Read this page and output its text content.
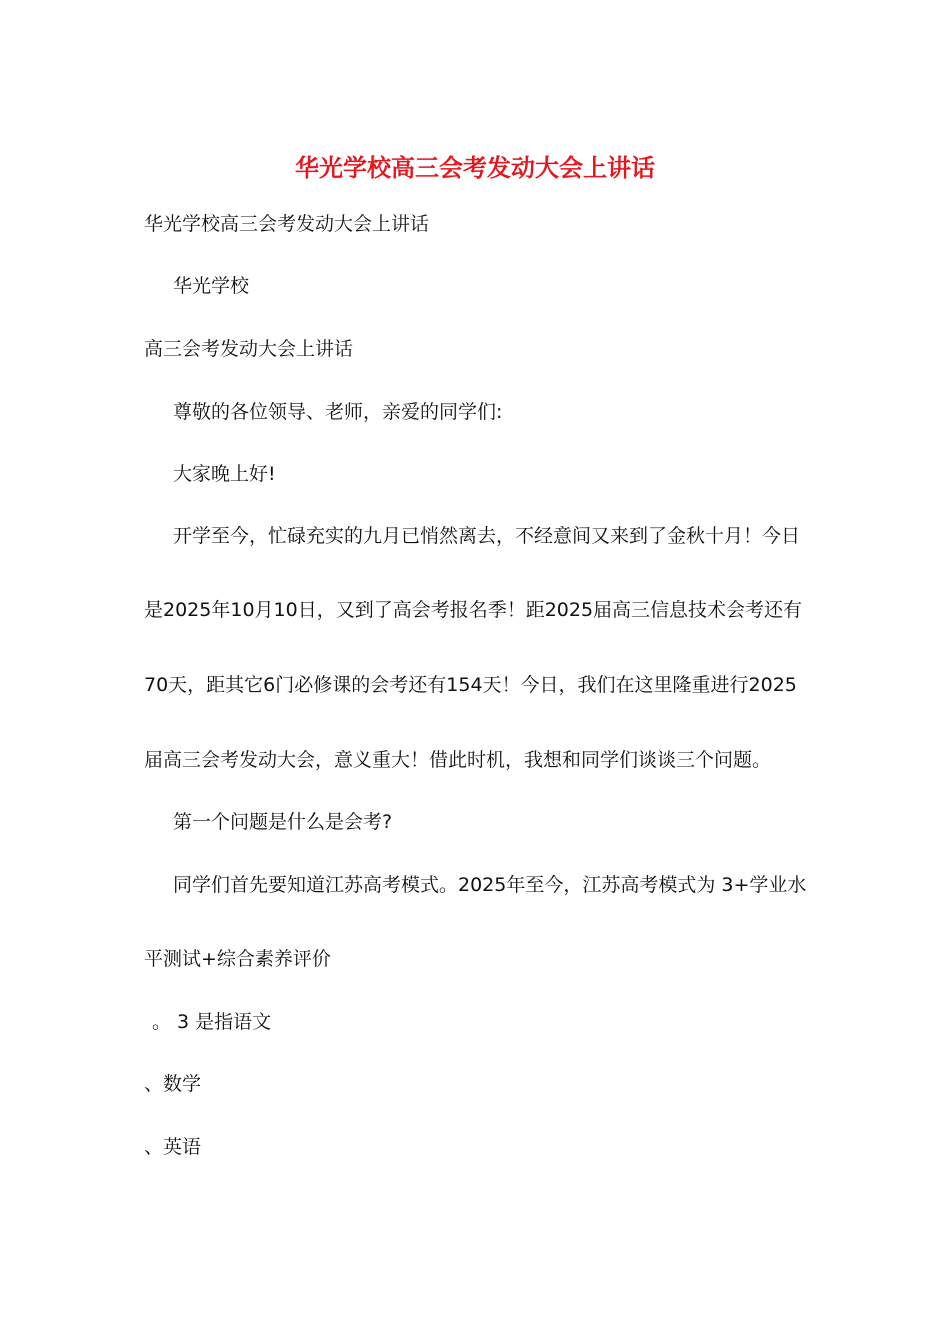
华光学校高三会考发动大会上讲话
华光学校高三会考发动大会上讲话
华光学校
高三会考发动大会上讲话
尊敬的各位领导、老师，亲爱的同学们:
大家晚上好!
开学至今，忙碌充实的九月已悄然离去，不经意间又来到了金秋十月！今日
是2025年10月10日，又到了高会考报名季！距2025届高三信息技术会考还有
70天，距其它6门必修课的会考还有154天！今日，我们在这里隆重进行2025
届高三会考发动大会，意义重大！借此时机，我想和同学们谈谈三个问题。
第一个问题是什么是会考?
同学们首先要知道江苏高考模式。2025年至今，江苏高考模式为 3+学业水
平测试+综合素养评价
。 3 是指语文
、数学
、英语
